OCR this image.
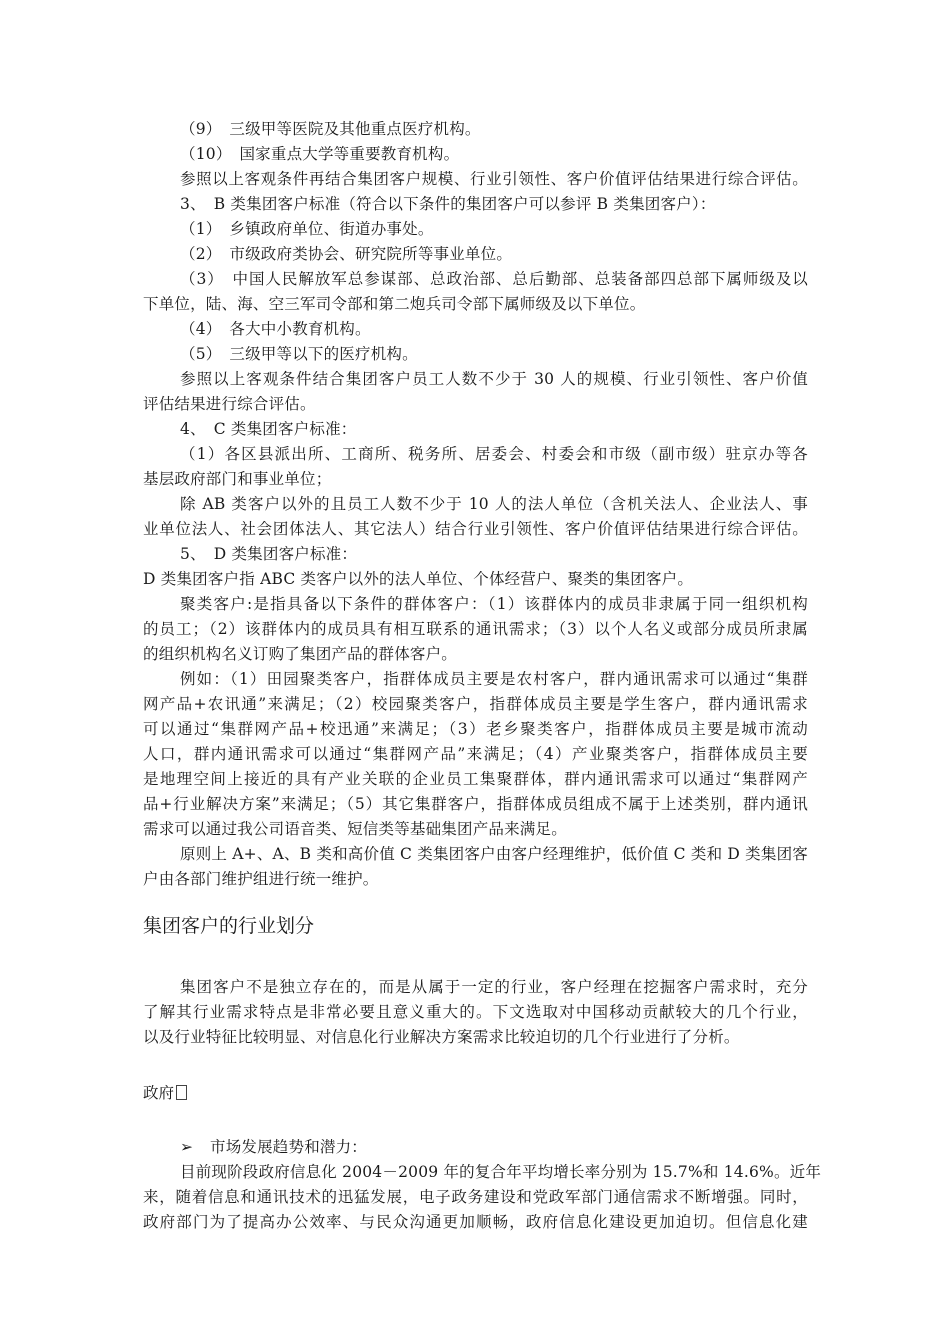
（9）　三级甲等医院及其他重点医疗机构。
（10）　国家重点大学等重要教育机构。
参照以上客观条件再结合集团客户规模、行业引领性、客户价值评估结果进行综合评估。
3、　B 类集团客户标准（符合以下条件的集团客户可以参评 B 类集团客户）：
（1）　乡镇政府单位、街道办事处。
（2）　市级政府类协会、研究院所等事业单位。
（3）　中国人民解放军总参谋部、总政治部、总后勤部、总装备部四总部下属师级及以
下单位，陆、海、空三军司令部和第二炮兵司令部下属师级及以下单位。
（4）　各大中小教育机构。
（5）　三级甲等以下的医疗机构。
参照以上客观条件结合集团客户员工人数不少于 30 人的规模、行业引领性、客户价值
评估结果进行综合评估。
4、　C 类集团客户标准：
（1）各区县派出所、工商所、税务所、居委会、村委会和市级（副市级）驻京办等各
基层政府部门和事业单位；
除 AB 类客户以外的且员工人数不少于 10 人的法人单位（含机关法人、企业法人、事
业单位法人、社会团体法人、其它法人）结合行业引领性、客户价值评估结果进行综合评估。
5、　D 类集团客户标准：
D 类集团客户指 ABC 类客户以外的法人单位、个体经营户、聚类的集团客户。
聚类客户:是指具备以下条件的群体客户：（1）该群体内的成员非隶属于同一组织机构
的员工；（2）该群体内的成员具有相互联系的通讯需求；（3）以个人名义或部分成员所隶属
的组织机构名义订购了集团产品的群体客户。
例如：（1）田园聚类客户，指群体成员主要是农村客户，群内通讯需求可以通过“集群
网产品+农讯通”来满足；（2）校园聚类客户，指群体成员主要是学生客户，群内通讯需求
可以通过“集群网产品+校迅通”来满足；（3）老乡聚类客户，指群体成员主要是城市流动
人口，群内通讯需求可以通过“集群网产品”来满足；（4）产业聚类客户，指群体成员主要
是地理空间上接近的具有产业关联的企业员工集聚群体，群内通讯需求可以通过“集群网产
品+行业解决方案”来满足；（5）其它集群客户，指群体成员组成不属于上述类别，群内通讯
需求可以通过我公司语音类、短信类等基础集团产品来满足。
原则上 A+、A、B 类和高价值 C 类集团客户由客户经理维护，低价值 C 类和 D 类集团客
户由各部门维护组进行统一维护。
集团客户不是独立存在的，而是从属于一定的行业，客户经理在挖掘客户需求时，充分
了解其行业需求特点是非常必要且意义重大的。下文选取对中国移动贡献较大的几个行业，
以及行业特征比较明显、对信息化行业解决方案需求比较迫切的几个行业进行了分析。
目前现阶段政府信息化 2004－2009 年的复合年平均增长率分别为 15.7%和 14.6%。近年
来，随着信息和通讯技术的迅猛发展，电子政务建设和党政军部门通信需求不断增强。同时，
政府部门为了提高办公效率、与民众沟通更加顺畅，政府信息化建设更加迫切。但信息化建
集团客户的行业划分
政府
➢ 市场发展趋势和潜力：
